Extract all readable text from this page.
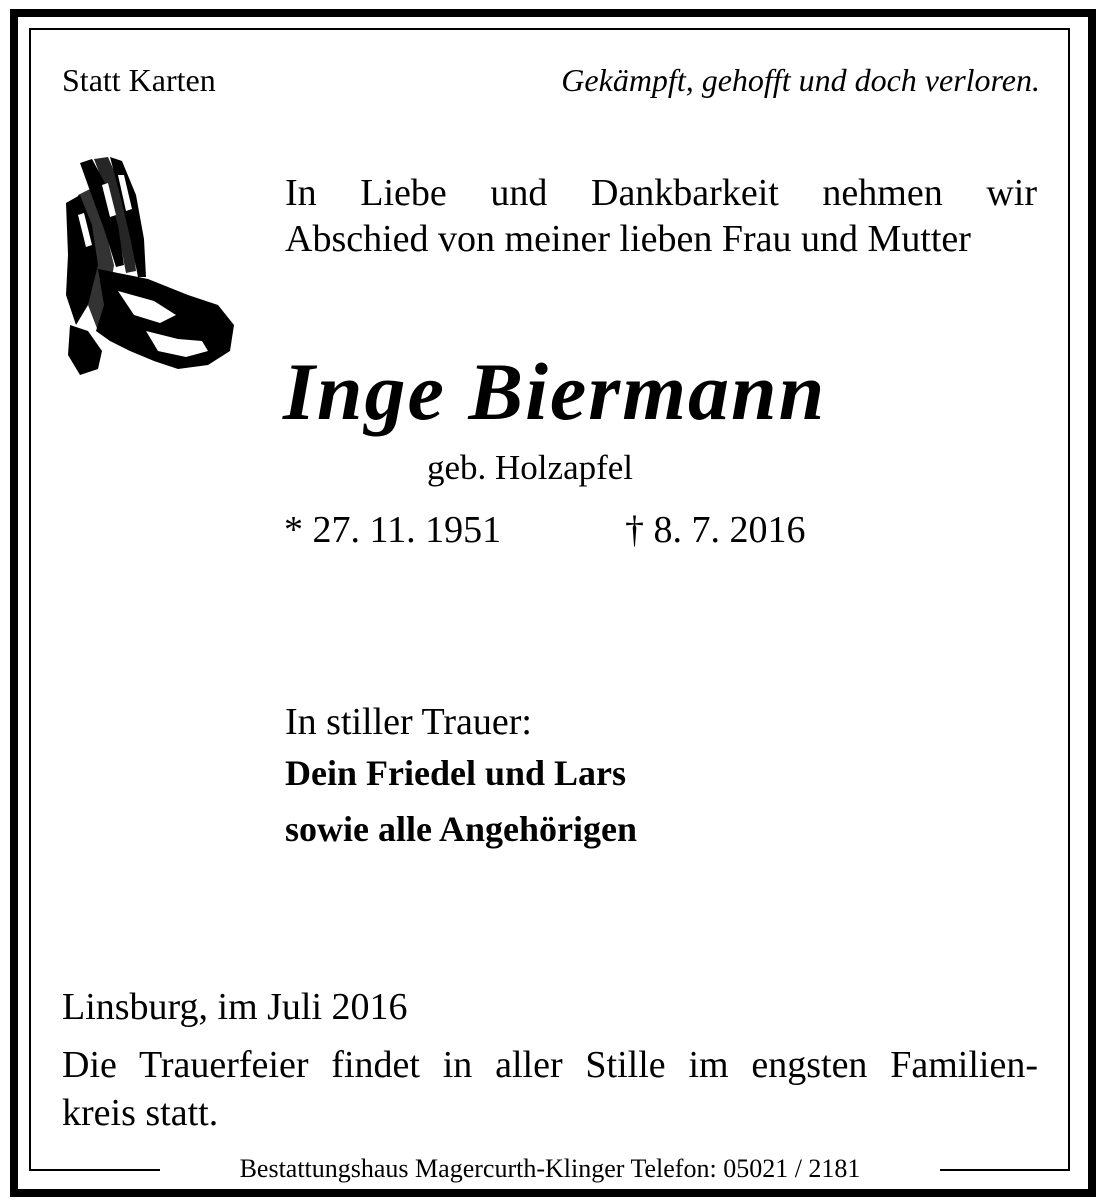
Statt Karten	Gekämpft, gehofft und doch verloren.

In Liebe und Dankbarkeit nehmen wir
Abschied von meiner lieben Frau und Mutter
Inge Biermann

geb. Holzapfel

* 27. 11. 1951	† 8. 7. 2016

In stiller Trauer:

Dein Friedel und Lars

sowie alle Angehörigen

Linsburg, im Juli 2016

Die Trauerfeier findet in aller Stille im engsten Familien-
kreis statt.

Bestattungshaus Magercurth-Klinger Telefon: 05021 / 2181
